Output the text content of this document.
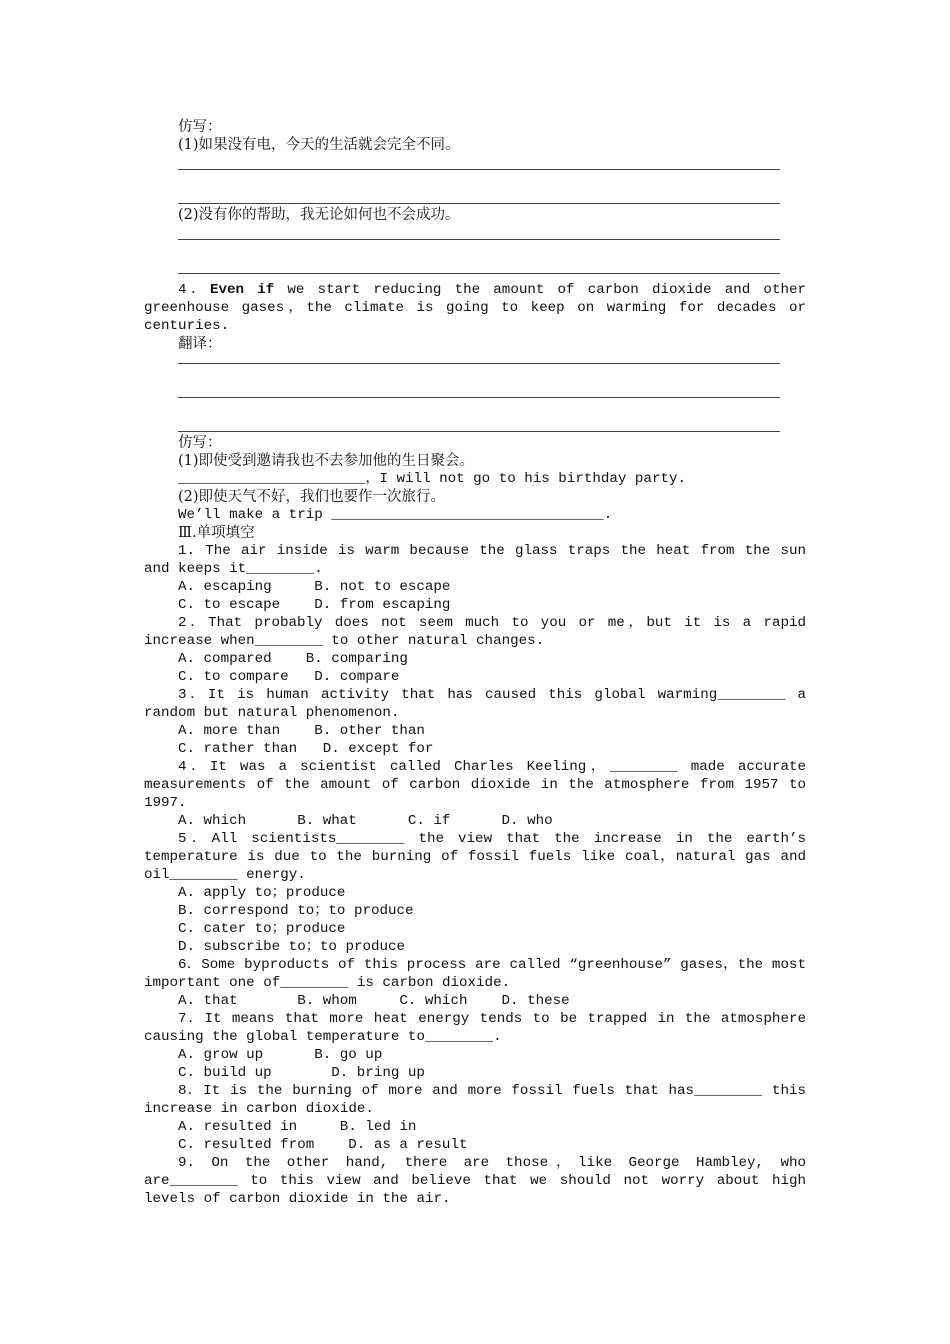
仿写：
(1)如果没有电，今天的生活就会完全不同。
(2)没有你的帮助，我无论如何也不会成功。
4．Even if we start reducing the amount of carbon dioxide and other greenhouse gases，the climate is going to keep on warming for decades or centuries.
翻译：
仿写：
(1)即使受到邀请我也不去参加他的生日聚会。
______________________，I will not go to his birthday party.
(2)即使天气不好，我们也要作一次旅行。
We’ll make a trip ________________________________.
Ⅲ.单项填空
1. The air inside is warm because the glass traps the heat from the sun and keeps it________.
A. escaping     B. not to escape
C. to escape    D. from escaping
2．That probably does not seem much to you or me，but it is a rapid increase when________ to other natural changes.
A. compared    B. comparing
C. to compare   D. compare
3．It is human activity that has caused this global warming________ a random but natural phenomenon.
A. more than    B. other than
C. rather than   D. except for
4．It was a scientist called Charles Keeling，________ made accurate measurements of the amount of carbon dioxide in the atmosphere from 1957 to 1997.
A. which      B. what      C. if      D. who
5．All scientists________ the view that the increase in the earth’s temperature is due to the burning of fossil fuels like coal，natural gas and oil________ energy.
A. apply to；produce
B. correspond to；to produce
C. cater to；produce
D. subscribe to；to produce
6．Some byproducts of this process are called “greenhouse” gases，the most important one of________ is carbon dioxide.
A. that       B. whom     C. which    D. these
7．It means that more heat energy tends to be trapped in the atmosphere causing the global temperature to________.
A. grow up      B. go up
C. build up       D. bring up
8．It is the burning of more and more fossil fuels that has________ this increase in carbon dioxide.
A. resulted in     B. led in
C. resulted from    D. as a result
9. On the other hand, there are those，like George Hambley, who are________ to this view and believe that we should not worry about high levels of carbon dioxide in the air.
